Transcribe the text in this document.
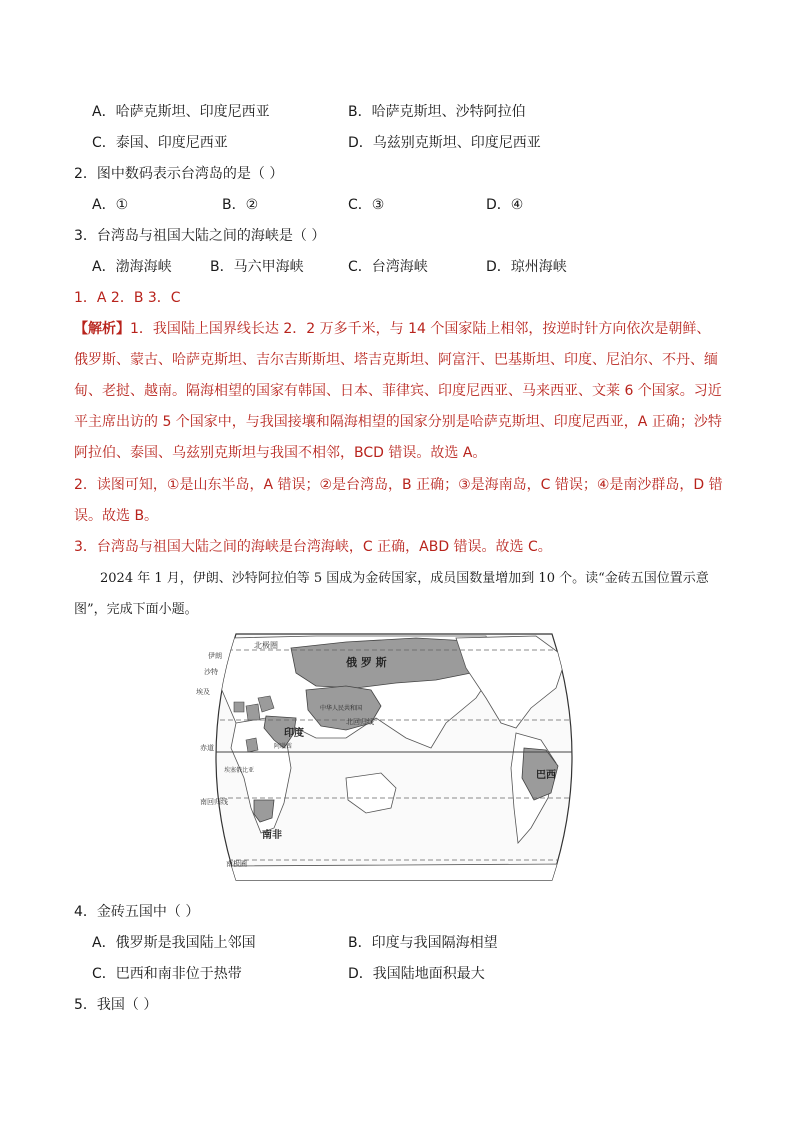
A．哈萨克斯坦、印度尼西亚	B．哈萨克斯坦、沙特阿拉伯
C．泰国、印度尼西亚	D．乌兹别克斯坦、印度尼西亚
2．图中数码表示台湾岛的是（ ）
A．①	B．②	C．③	D．④
3．台湾岛与祖国大陆之间的海峡是（ ）
A．渤海海峡	B．马六甲海峡	C．台湾海峡	D．琼州海峡
1．A 2．B 3．C
【解析】1．我国陆上国界线长达 2．2 万多千米，与 14 个国家陆上相邻，按逆时针方向依次是朝鲜、俄罗斯、蒙古、哈萨克斯坦、吉尔吉斯斯坦、塔吉克斯坦、阿富汗、巴基斯坦、印度、尼泊尔、不丹、缅甸、老挝、越南。隔海相望的国家有韩国、日本、菲律宾、印度尼西亚、马来西亚、文莱 6 个国家。习近平主席出访的 5 个国家中，与我国接壤和隔海相望的国家分别是哈萨克斯坦、印度尼西亚，A 正确；沙特阿拉伯、泰国、乌兹别克斯坦与我国不相邻，BCD 错误。故选 A。
2．读图可知，①是山东半岛，A 错误；②是台湾岛，B 正确；③是海南岛，C 错误；④是南沙群岛，D 错误。故选 B。
3．台湾岛与祖国大陆之间的海峡是台湾海峡，C 正确，ABD 错误。故选 C。
2024 年 1 月，伊朗、沙特阿拉伯等 5 国成为金砖国家，成员国数量增加到 10 个。读“金砖五国位置示意图”，完成下面小题。
北极圈
伊朗
沙特
埃及
俄 罗 斯
中华人民共和国
北回归线
印度
阿联酋
赤道
埃塞俄比亚	巴西
南回归线
南非
南极圈
4．金砖五国中（ ）
A．俄罗斯是我国陆上邻国	B．印度与我国隔海相望
C．巴西和南非位于热带	D．我国陆地面积最大
5．我国（ ）
